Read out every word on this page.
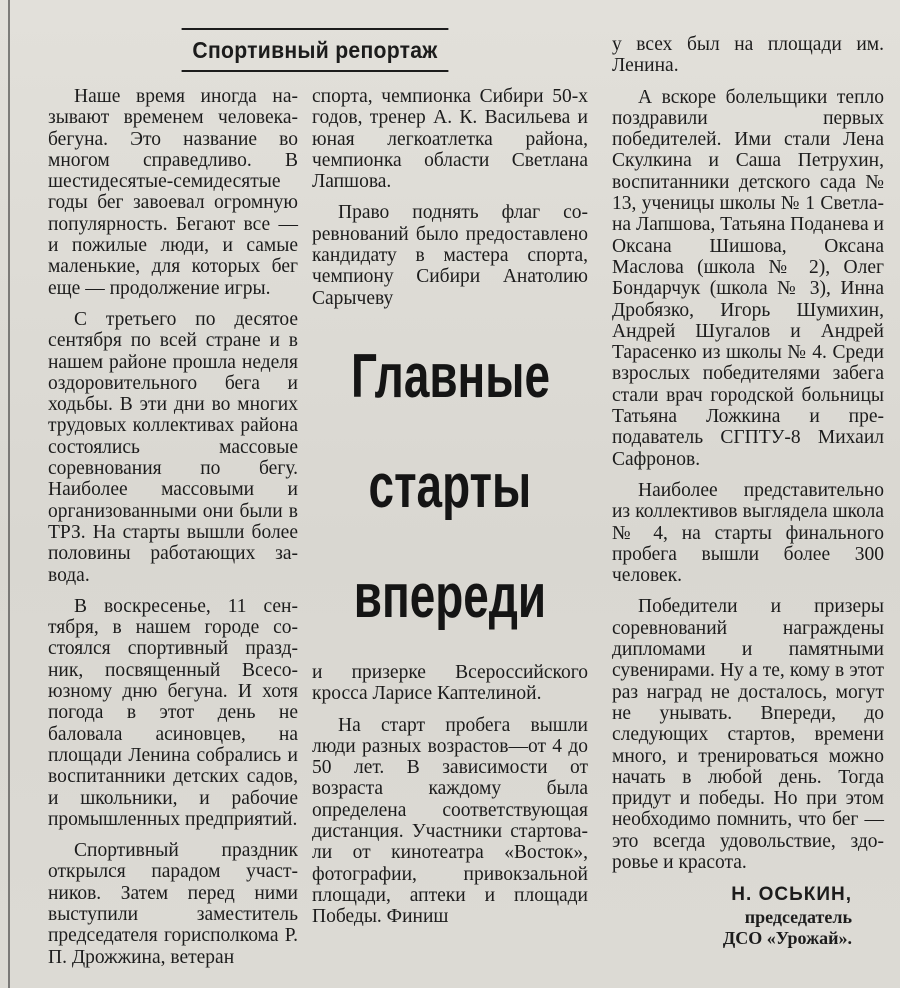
Спортивный репортаж

Наше время иногда называют временем человека-бегуна. Это название во многом справедливо. В шестидесятые-семидесятые годы бег завоевал огромную популярность. Бегают все — и пожилые люди, и самые маленькие, для которых бег еще — продолжение игры.

С третьего по десятое сентября по всей стране и в нашем районе прошла неделя оздоровительного бега и ходьбы. В эти дни во многих трудовых коллективах района состоялись массовые соревнования по бегу. Наиболее массовыми и организованными они были в ТРЗ. На старты вышли более половины работающих завода.

В воскресенье, 11 сентября, в нашем городе состоялся спортивный праздник, посвященный Всесоюзному дню бегуна. И хотя погода в этот день не баловала асиновцев, на площади Ленина собрались и воспитанники детских садов, и школьники, и рабочие промышленных предприятий.

Спортивный праздник открылся парадом участников. Затем перед ними выступили заместитель председателя горисполкома Р. П. Дрожжина, ветеран

спорта, чемпионка Сибири 50-х годов, тренер А. К. Васильева и юная легкоатлетка района, чемпионка области Светлана Лапшова.

Право поднять флаг соревнований было предоставлено кандидату в мастера спорта, чемпиону Сибири Анатолию Сарычеву

Главные
старты
впереди

и призерке Всероссийского кросса Ларисе Каптелиной.

На старт пробега вышли люди разных возрастов—от 4 до 50 лет. В зависимости от возраста каждому была определена соответствующая дистанция. Участники стартовали от кинотеатра «Восток», фотографии, привокзальной площади, аптеки и площади Победы. Финиш

у всех был на площади им. Ленина.

А вскоре болельщики тепло поздравили первых победителей. Ими стали Лена Скулкина и Саша Петрухин, воспитанники детского сада № 13, ученицы школы № 1 Светлана Лапшова, Татьяна Поданева и Оксана Шишова, Оксана Маслова (школа № 2), Олег Бондарчук (школа № 3), Инна Дробязко, Игорь Шумихин, Андрей Шугалов и Андрей Тарасенко из школы № 4. Среди взрослых победителями забега стали врач городской больницы Татьяна Ложкина и преподаватель СГПТУ-8 Михаил Сафронов.

Наиболее представительно из коллективов выглядела школа № 4, на старты финального пробега вышли более 300 человек.

Победители и призеры соревнований награждены дипломами и памятными сувенирами. Ну а те, кому в этот раз наград не досталось, могут не унывать. Впереди, до следующих стартов, времени много, и тренироваться можно начать в любой день. Тогда придут и победы. Но при этом необходимо помнить, что бег — это всегда удовольствие, здоровье и красота.

Н. ОСЬКИН,
председатель
ДСО «Урожай».
